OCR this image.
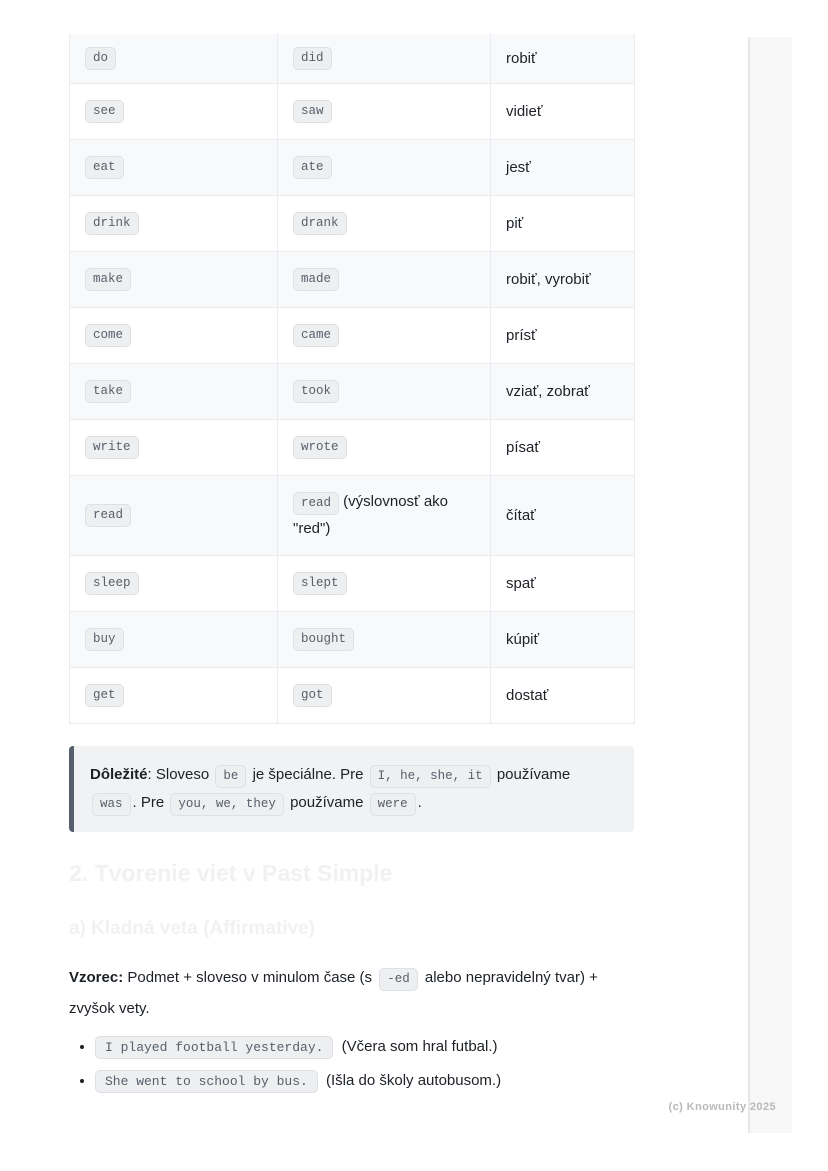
do	did	robiť
see	saw	vidieť
eat	ate	jesť
drink	drank	piť
make	made	robiť, vyrobiť
come	came	prísť
take	took	vziať, zobrať
write	wrote	písať
read	read (výslovnosť ako "red")	čítať
sleep	slept	spať
buy	bought	kúpiť
get	got	dostať

Dôležité: Sloveso be je špeciálne. Pre I, he, she, it používame was . Pre you, we, they používame were .

2. Tvorenie viet v Past Simple
a) Kladná veta (Affirmative)

Vzorec: Podmet + sloveso v minulom čase (s -ed alebo nepravidelný tvar) + zvyšok vety.

• I played football yesterday. (Včera som hral futbal.)
• She went to school by bus. (Išla do školy autobusom.)
(c) Knowunity 2025
